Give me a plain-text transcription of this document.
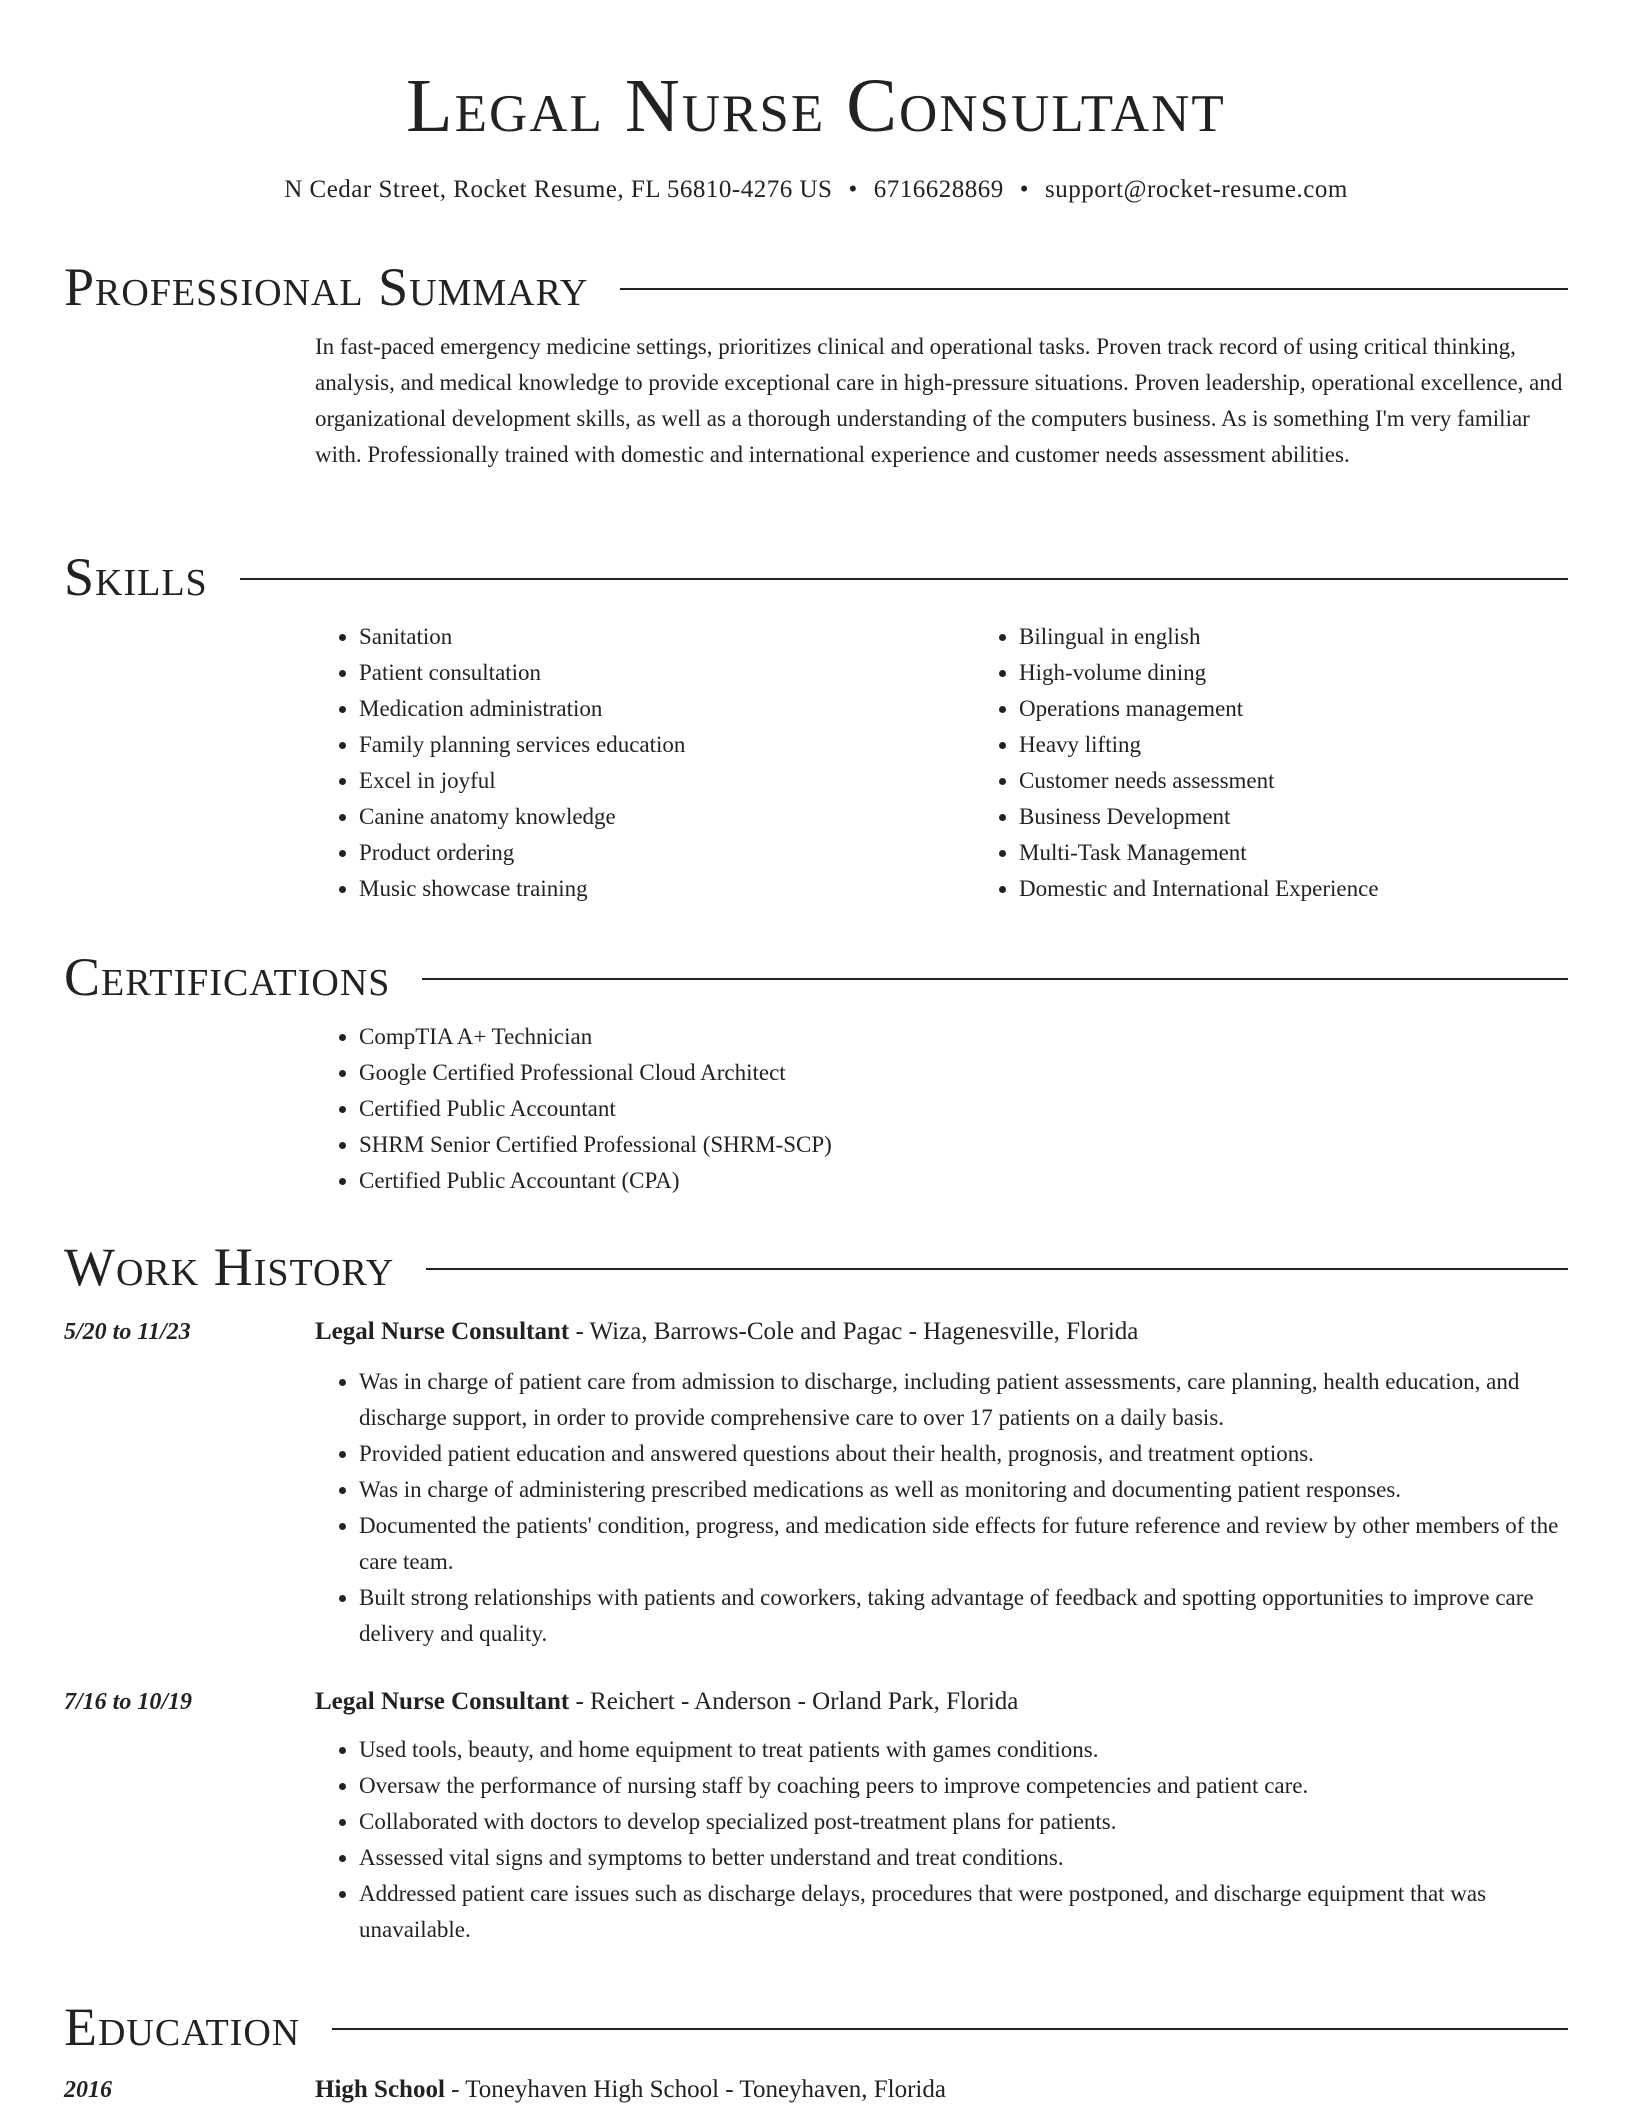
Legal Nurse Consultant
N Cedar Street, Rocket Resume, FL 56810-4276 US • 6716628869 • support@rocket-resume.com
Professional Summary
In fast-paced emergency medicine settings, prioritizes clinical and operational tasks. Proven track record of using critical thinking, analysis, and medical knowledge to provide exceptional care in high-pressure situations. Proven leadership, operational excellence, and organizational development skills, as well as a thorough understanding of the computers business. As is something I'm very familiar with. Professionally trained with domestic and international experience and customer needs assessment abilities.
Skills
• Sanitation
• Patient consultation
• Medication administration
• Family planning services education
• Excel in joyful
• Canine anatomy knowledge
• Product ordering
• Music showcase training
• Bilingual in english
• High-volume dining
• Operations management
• Heavy lifting
• Customer needs assessment
• Business Development
• Multi-Task Management
• Domestic and International Experience
Certifications
• CompTIA A+ Technician
• Google Certified Professional Cloud Architect
• Certified Public Accountant
• SHRM Senior Certified Professional (SHRM-SCP)
• Certified Public Accountant (CPA)
Work History
5/20 to 11/23	Legal Nurse Consultant - Wiza, Barrows-Cole and Pagac - Hagenesville, Florida
• Was in charge of patient care from admission to discharge, including patient assessments, care planning, health education, and discharge support, in order to provide comprehensive care to over 17 patients on a daily basis.
• Provided patient education and answered questions about their health, prognosis, and treatment options.
• Was in charge of administering prescribed medications as well as monitoring and documenting patient responses.
• Documented the patients' condition, progress, and medication side effects for future reference and review by other members of the care team.
• Built strong relationships with patients and coworkers, taking advantage of feedback and spotting opportunities to improve care delivery and quality.
7/16 to 10/19	Legal Nurse Consultant - Reichert - Anderson - Orland Park, Florida
• Used tools, beauty, and home equipment to treat patients with games conditions.
• Oversaw the performance of nursing staff by coaching peers to improve competencies and patient care.
• Collaborated with doctors to develop specialized post-treatment plans for patients.
• Assessed vital signs and symptoms to better understand and treat conditions.
• Addressed patient care issues such as discharge delays, procedures that were postponed, and discharge equipment that was unavailable.
Education
2016	High School - Toneyhaven High School - Toneyhaven, Florida
